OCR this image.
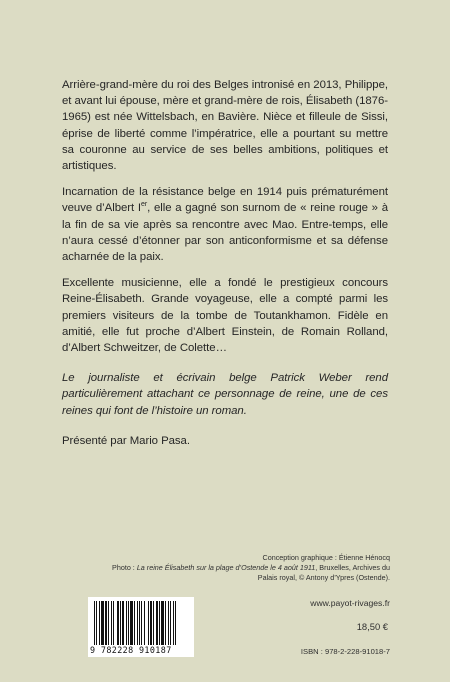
Arrière-grand-mère du roi des Belges intronisé en 2013, Philippe, et avant lui épouse, mère et grand-mère de rois, Élisabeth (1876-1965) est née Wittelsbach, en Bavière. Nièce et filleule de Sissi, éprise de liberté comme l’impératrice, elle a pourtant su mettre sa couronne au service de ses belles ambitions, politiques et artistiques.

Incarnation de la résistance belge en 1914 puis prématurément veuve d’Albert Ier, elle a gagné son surnom de « reine rouge » à la fin de sa vie après sa rencontre avec Mao. Entre-temps, elle n’aura cessé d’étonner par son anticonformisme et sa défense acharnée de la paix.

Excellente musicienne, elle a fondé le prestigieux concours Reine-Élisabeth. Grande voyageuse, elle a compté parmi les premiers visiteurs de la tombe de Toutankhamon. Fidèle en amitié, elle fut proche d’Albert Einstein, de Romain Rolland, d’Albert Schweitzer, de Colette…

Le journaliste et écrivain belge Patrick Weber rend particulièrement attachant ce personnage de reine, une de ces reines qui font de l’histoire un roman.

Présenté par Mario Pasa.

Conception graphique : Étienne Hénocq
Photo : La reine Élisabeth sur la plage d’Ostende le 4 août 1911, Bruxelles, Archives du
Palais royal, © Antony d’Ypres (Ostende).
9 782228 910187
www.payot-rivages.fr
18,50 €
ISBN : 978-2-228-91018-7
